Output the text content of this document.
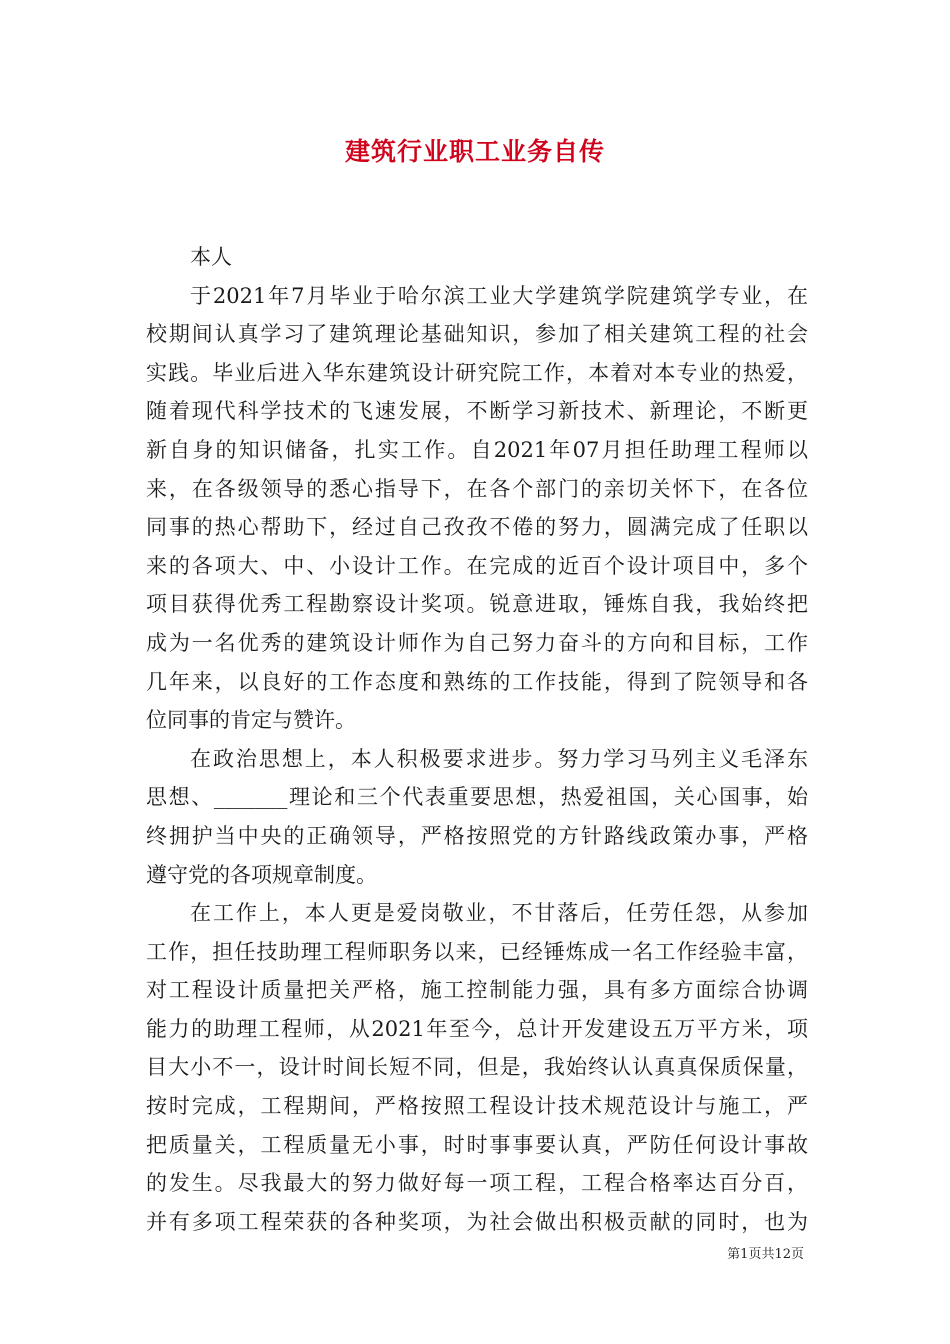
建筑行业职工业务自传
本人
于2021年7月毕业于哈尔滨工业大学建筑学院建筑学专业，在
校期间认真学习了建筑理论基础知识，参加了相关建筑工程的社会
实践。毕业后进入华东建筑设计研究院工作，本着对本专业的热爱，
随着现代科学技术的飞速发展，不断学习新技术、新理论，不断更
新自身的知识储备，扎实工作。自2021年07月担任助理工程师以
来，在各级领导的悉心指导下，在各个部门的亲切关怀下，在各位
同事的热心帮助下，经过自己孜孜不倦的努力，圆满完成了任职以
来的各项大、中、小设计工作。在完成的近百个设计项目中，多个
项目获得优秀工程勘察设计奖项。锐意进取，锤炼自我，我始终把
成为一名优秀的建筑设计师作为自己努力奋斗的方向和目标，工作
几年来，以良好的工作态度和熟练的工作技能，得到了院领导和各
位同事的肯定与赞许。
在政治思想上，本人积极要求进步。努力学习马列主义毛泽东
思想、_______理论和三个代表重要思想，热爱祖国，关心国事，始
终拥护当中央的正确领导，严格按照党的方针路线政策办事，严格
遵守党的各项规章制度。
在工作上，本人更是爱岗敬业，不甘落后，任劳任怨，从参加
工作，担任技助理工程师职务以来，已经锤炼成一名工作经验丰富，
对工程设计质量把关严格，施工控制能力强，具有多方面综合协调
能力的助理工程师，从2021年至今，总计开发建设五万平方米，项
目大小不一，设计时间长短不同，但是，我始终认认真真保质保量，
按时完成，工程期间，严格按照工程设计技术规范设计与施工，严
把质量关，工程质量无小事，时时事事要认真，严防任何设计事故
的发生。尽我最大的努力做好每一项工程，工程合格率达百分百，
并有多项工程荣获的各种奖项，为社会做出积极贡献的同时，也为
第1页共12页
